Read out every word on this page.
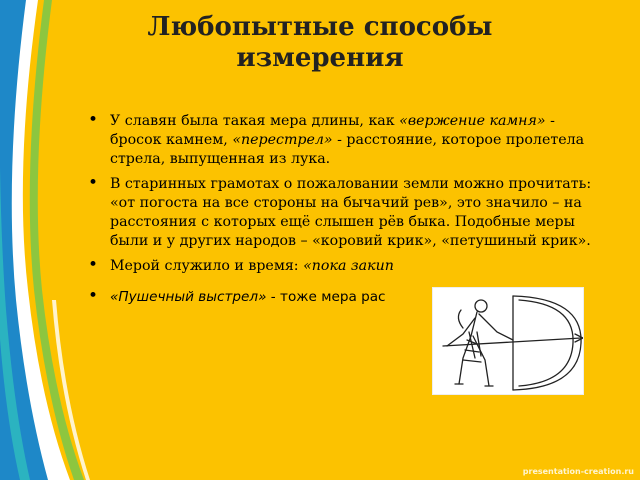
Любопытные способы измерения
• У славян была такая мера длины, как «вержение камня» - бросок камнем, «перестрел» - расстояние, которое пролетела стрела, выпущенная из лука.
• В старинных грамотах о пожаловании земли можно прочитать: «от погоста на все стороны на бычачий рев», это значило – на расстояния с которых ещё слышен рёв быка. Подобные меры были и у других народов – «коровий крик», «петушиный крик».
• Мерой служило и время: «пока закип
• «Пушечный выстрел» - тоже мера рас
presentation-creation.ru
